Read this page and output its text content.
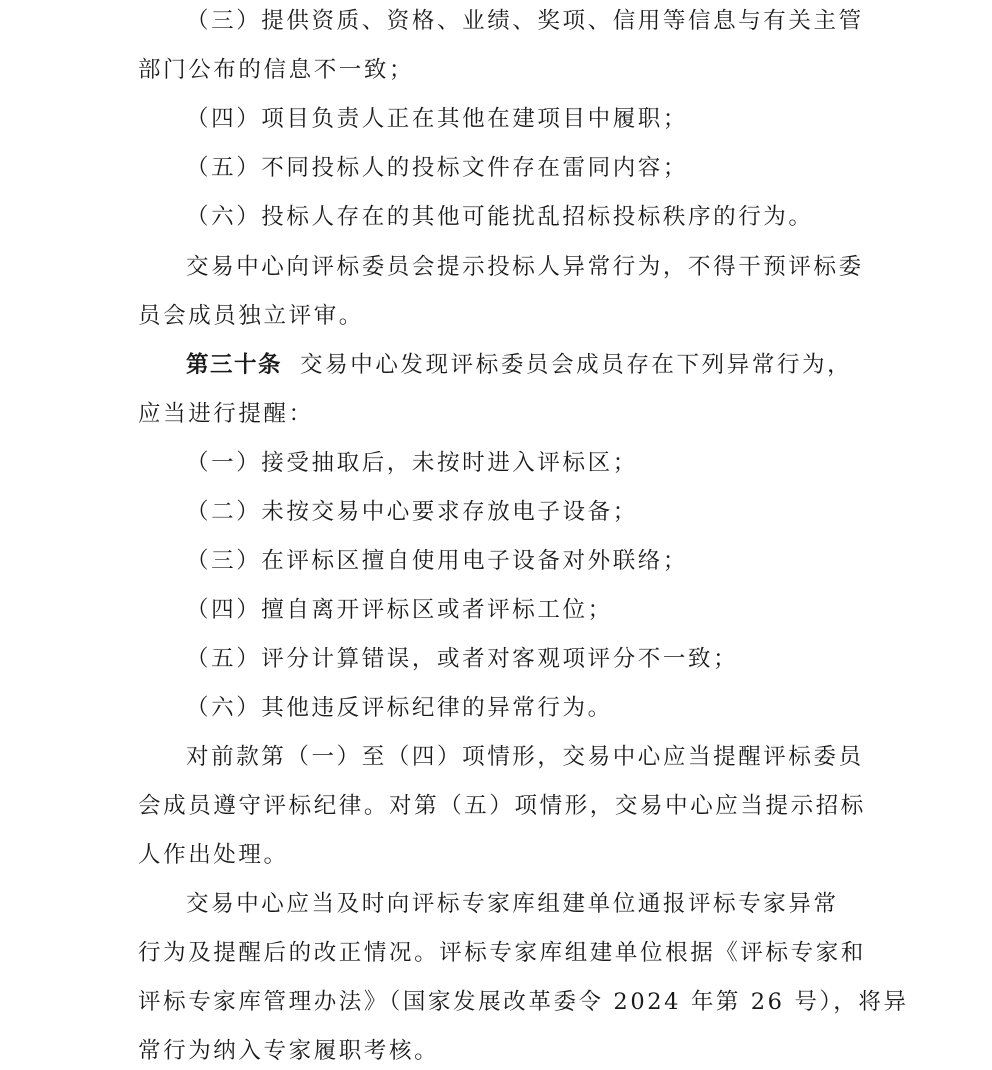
（三）提供资质、资格、业绩、奖项、信用等信息与有关主管
部门公布的信息不一致；
（四）项目负责人正在其他在建项目中履职；
（五）不同投标人的投标文件存在雷同内容；
（六）投标人存在的其他可能扰乱招标投标秩序的行为。
交易中心向评标委员会提示投标人异常行为，不得干预评标委
员会成员独立评审。
第三十条 交易中心发现评标委员会成员存在下列异常行为，
应当进行提醒：
（一）接受抽取后，未按时进入评标区；
（二）未按交易中心要求存放电子设备；
（三）在评标区擅自使用电子设备对外联络；
（四）擅自离开评标区或者评标工位；
（五）评分计算错误，或者对客观项评分不一致；
（六）其他违反评标纪律的异常行为。
对前款第（一）至（四）项情形，交易中心应当提醒评标委员
会成员遵守评标纪律。对第（五）项情形，交易中心应当提示招标
人作出处理。
交易中心应当及时向评标专家库组建单位通报评标专家异常
行为及提醒后的改正情况。评标专家库组建单位根据《评标专家和
评标专家库管理办法》（国家发展改革委令 2024 年第 26 号），将异
常行为纳入专家履职考核。
